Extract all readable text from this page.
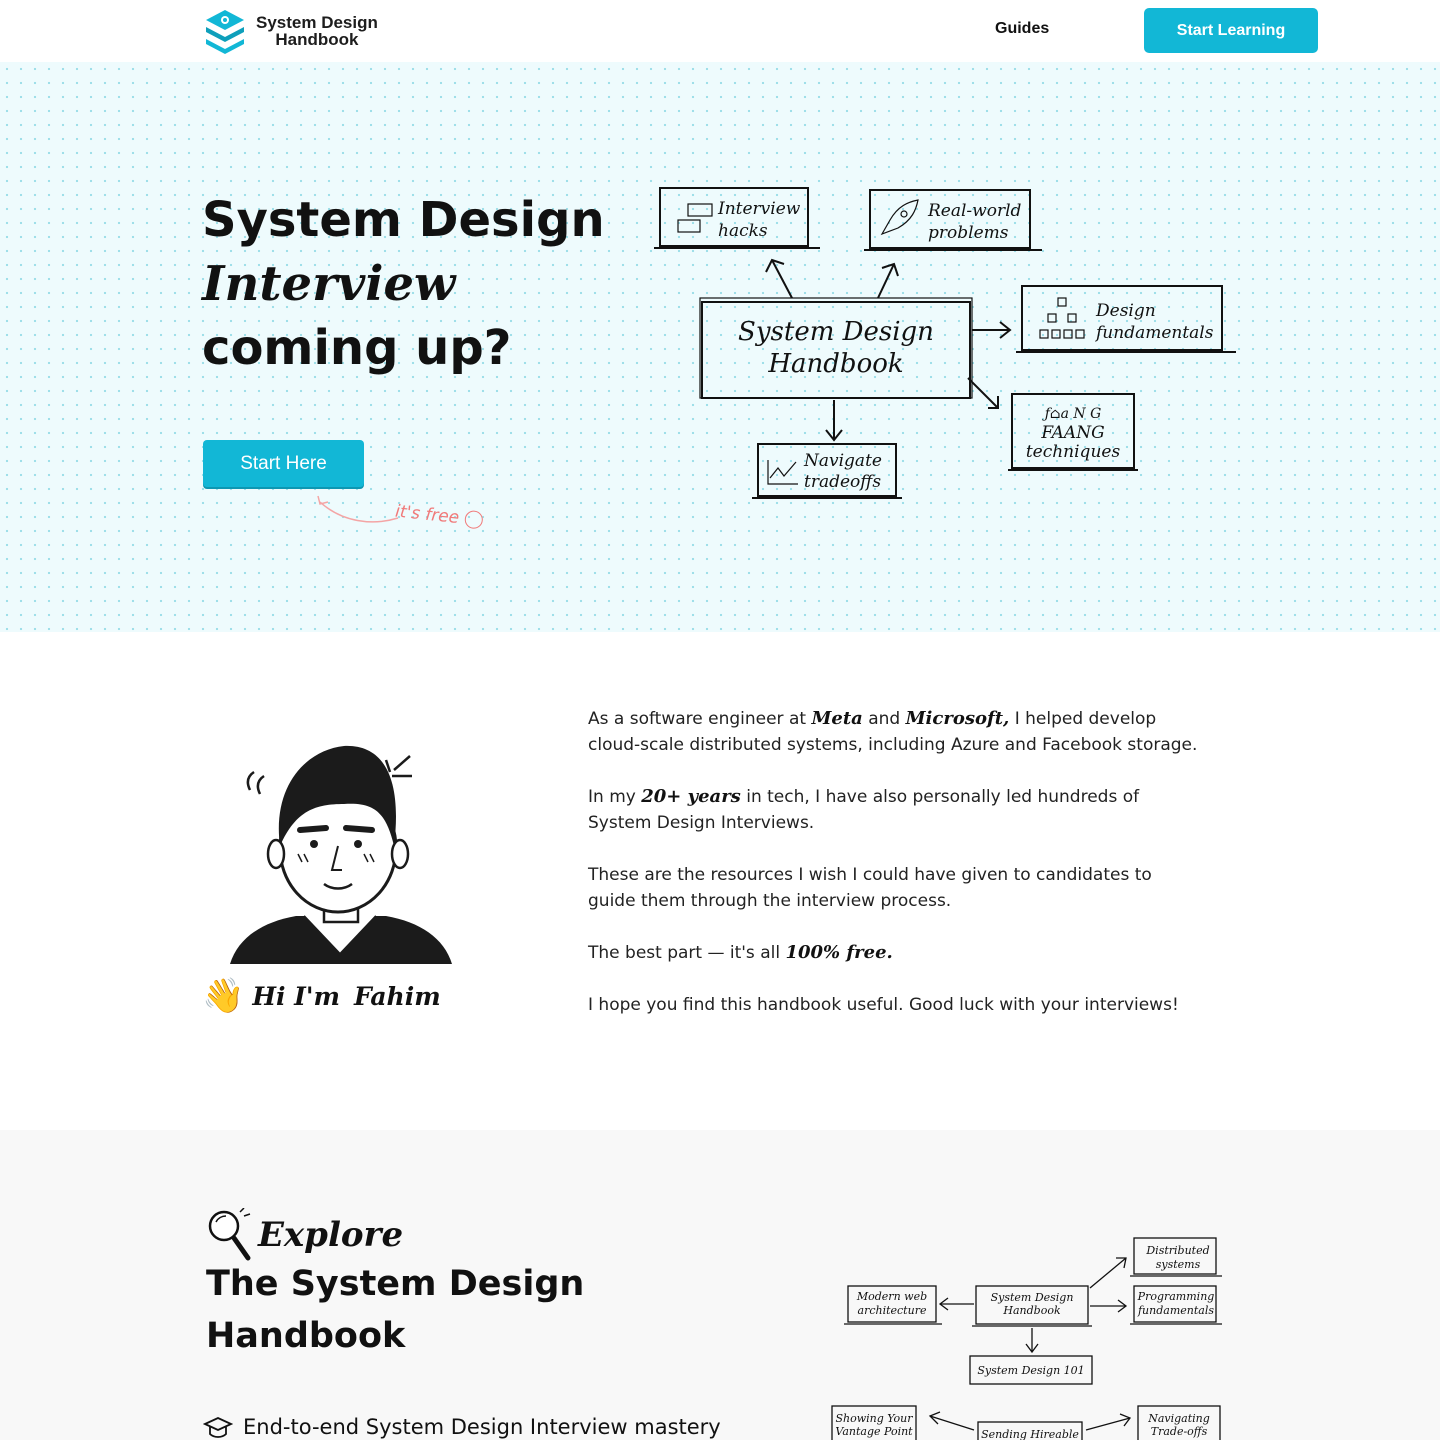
System Design
Handbook
Guides	Start Learning
System Design
Interview
coming up?
Start Here
it's free
System Design
Handbook
Interview
hacks
Real-world
problems
Design
fundamentals
ƒ⌂a N G
FAANG
techniques
Navigate
tradeoffs
👋 Hi I'm Fahim

As a software engineer at Meta and Microsoft, I helped develop cloud-scale distributed systems, including Azure and Facebook storage.

In my 20+ years in tech, I have also personally led hundreds of System Design Interviews.

These are the resources I wish I could have given to candidates to guide them through the interview process.

The best part — it's all 100% free.

I hope you find this handbook useful. Good luck with your interviews!

Explore
The System Design Handbook
End-to-end System Design Interview mastery
System Design
Handbook
Modern web
architecture
Distributed
systems
Programming
fundamentals
System Design 101
Showing Your
Vantage Point	Sending Hireable
Navigating
Trade-offs
